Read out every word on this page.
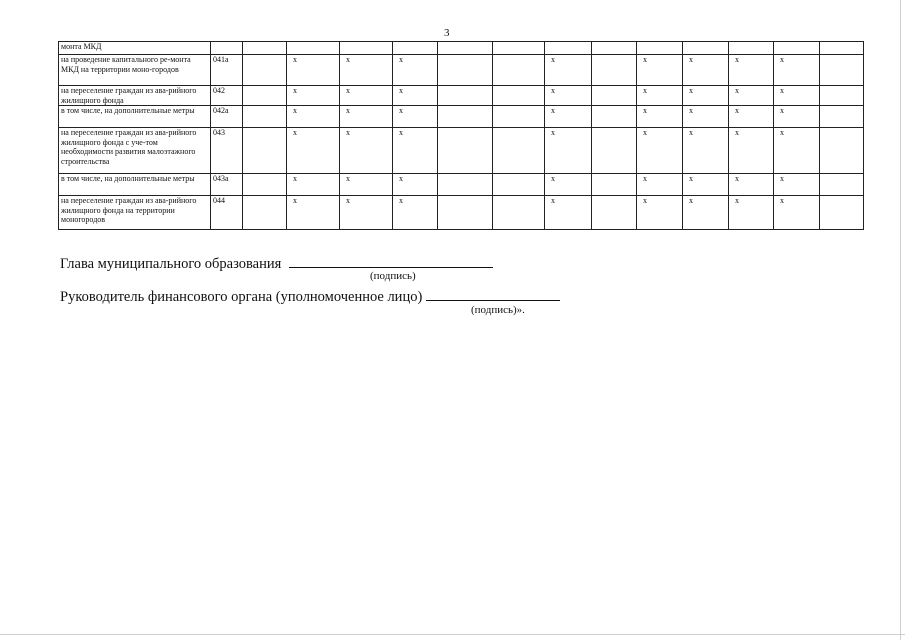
3
монта МКД														
на проведение капитального ре-монта МКД на территории моно-городов	041а		х	х	х			х		х	х	х	х	
на переселение граждан из ава-рийного жилищного фонда	042		х	х	х			х		х	х	х	х	
в том числе, на дополнительные метры	042а		х	х	х			х		х	х	х	х	
на переселение граждан из ава-рийного жилищного фонда с уче-том необходимости развития малоэтажного строительства	043		х	х	х			х		х	х	х	х	
в том числе, на дополнительные метры	043а		х	х	х			х		х	х	х	х	
на переселение граждан из ава-рийного жилищного фонда на территории моногородов	044		х	х	х			х		х	х	х	х	
Глава муниципального образования
(подпись)
Руководитель финансового органа (уполномоченное лицо)
(подпись)».
